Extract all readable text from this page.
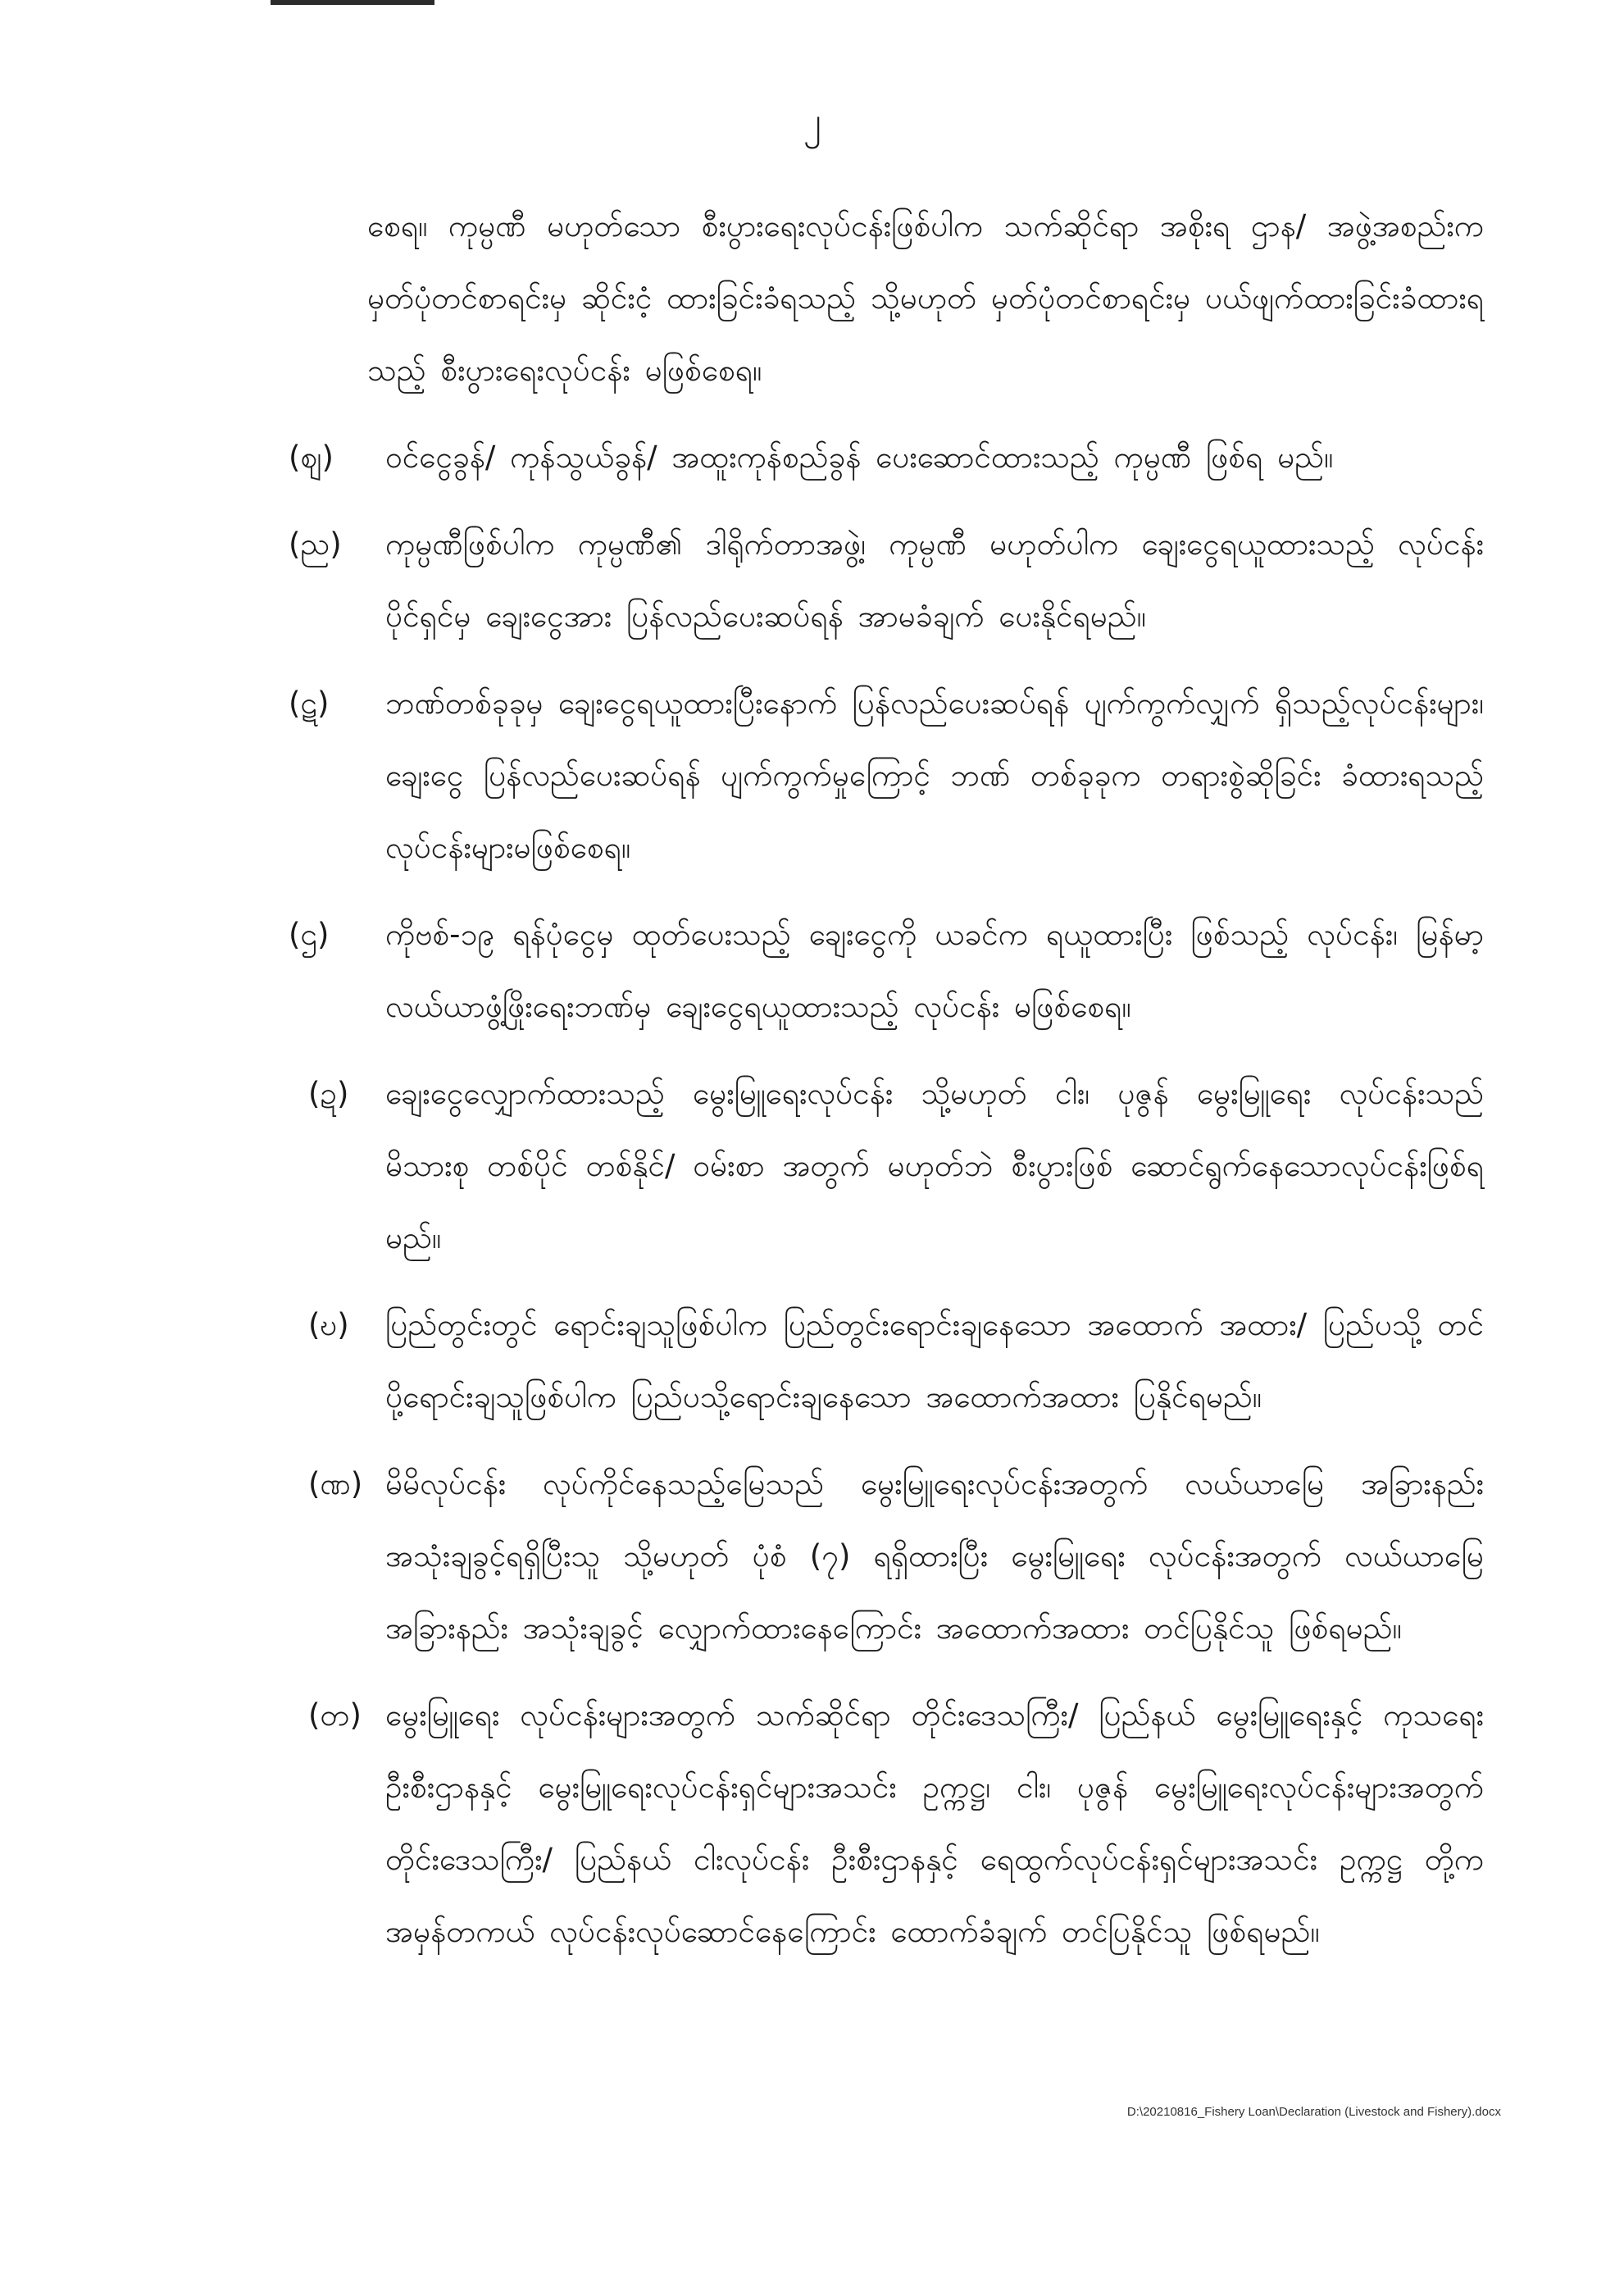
၂
စေရ။ ကုမ္ပဏီ မဟုတ်သော စီးပွားရေးလုပ်ငန်းဖြစ်ပါက သက်ဆိုင်ရာ အစိုးရ ဌာန/ အဖွဲ့အစည်းက မှတ်ပုံတင်စာရင်းမှ ဆိုင်းငံ့ ထားခြင်းခံရသည့် သို့မဟုတ် မှတ်ပုံတင်စာရင်းမှ ပယ်ဖျက်ထားခြင်းခံထားရသည့် စီးပွားရေးလုပ်ငန်း မဖြစ်စေရ။
(ဈ)	ဝင်ငွေခွန်/ ကုန်သွယ်ခွန်/ အထူးကုန်စည်ခွန် ပေးဆောင်ထားသည့် ကုမ္ပဏီ ဖြစ်ရ မည်။
(ည)	ကုမ္ပဏီဖြစ်ပါက ကုမ္ပဏီ၏ ဒါရိုက်တာအဖွဲ့၊ ကုမ္ပဏီ မဟုတ်ပါက ချေးငွေရယူထားသည့် လုပ်ငန်းပိုင်ရှင်မှ ချေးငွေအား ပြန်လည်ပေးဆပ်ရန် အာမခံချက် ပေးနိုင်ရမည်။
(ဋ)	ဘဏ်တစ်ခုခုမှ ချေးငွေရယူထားပြီးနောက် ပြန်လည်ပေးဆပ်ရန် ပျက်ကွက်လျှက် ရှိသည့်လုပ်ငန်းများ၊ ချေးငွေ ပြန်လည်ပေးဆပ်ရန် ပျက်ကွက်မှုကြောင့် ဘဏ် တစ်ခုခုက တရားစွဲဆိုခြင်း ခံထားရသည့်လုပ်ငန်းများမဖြစ်စေရ။
(ဌ)	ကိုဗစ်-၁၉ ရန်ပုံငွေမှ ထုတ်ပေးသည့် ချေးငွေကို ယခင်က ရယူထားပြီး ဖြစ်သည့် လုပ်ငန်း၊ မြန်မာ့လယ်ယာဖွံ့ဖြိုးရေးဘဏ်မှ ချေးငွေရယူထားသည့် လုပ်ငန်း မဖြစ်စေရ။
(ဍ)	ချေးငွေလျှောက်ထားသည့် မွေးမြူရေးလုပ်ငန်း သို့မဟုတ် ငါး၊ ပုဇွန် မွေးမြူရေး လုပ်ငန်းသည် မိသားစု တစ်ပိုင် တစ်နိုင်/ ဝမ်းစာ အတွက် မဟုတ်ဘဲ စီးပွားဖြစ် ဆောင်ရွက်နေသောလုပ်ငန်းဖြစ်ရမည်။
(ဎ)	ပြည်တွင်းတွင် ရောင်းချသူဖြစ်ပါက ပြည်တွင်းရောင်းချနေသော အထောက် အထား/ ပြည်ပသို့ တင်ပို့ရောင်းချသူဖြစ်ပါက ပြည်ပသို့ရောင်းချနေသော အထောက်အထား ပြနိုင်ရမည်။
(ဏ) မိမိလုပ်ငန်း လုပ်ကိုင်နေသည့်မြေသည် မွေးမြူရေးလုပ်ငန်းအတွက် လယ်ယာမြေ အခြားနည်း အသုံးချခွင့်ရရှိပြီးသူ သို့မဟုတ် ပုံစံ (၇) ရရှိထားပြီး မွေးမြူရေး လုပ်ငန်းအတွက် လယ်ယာမြေ အခြားနည်း အသုံးချခွင့် လျှောက်ထားနေကြောင်း အထောက်အထား တင်ပြနိုင်သူ ဖြစ်ရမည်။
(တ) မွေးမြူရေး လုပ်ငန်းများအတွက် သက်ဆိုင်ရာ တိုင်းဒေသကြီး/ ပြည်နယ် မွေးမြူရေးနှင့် ကုသရေးဦးစီးဌာနနှင့် မွေးမြူရေးလုပ်ငန်းရှင်များအသင်း ဥက္ကဋ္ဌ၊ ငါး၊ ပုဇွန် မွေးမြူရေးလုပ်ငန်းများအတွက် တိုင်းဒေသကြီး/ ပြည်နယ် ငါးလုပ်ငန်း ဦးစီးဌာနနှင့် ရေထွက်လုပ်ငန်းရှင်များအသင်း ဥက္ကဋ္ဌ တို့က အမှန်တကယ် လုပ်ငန်းလုပ်ဆောင်နေကြောင်း ထောက်ခံချက် တင်ပြနိုင်သူ ဖြစ်ရမည်။
D:\20210816_Fishery Loan\Declaration (Livestock and Fishery).docx
